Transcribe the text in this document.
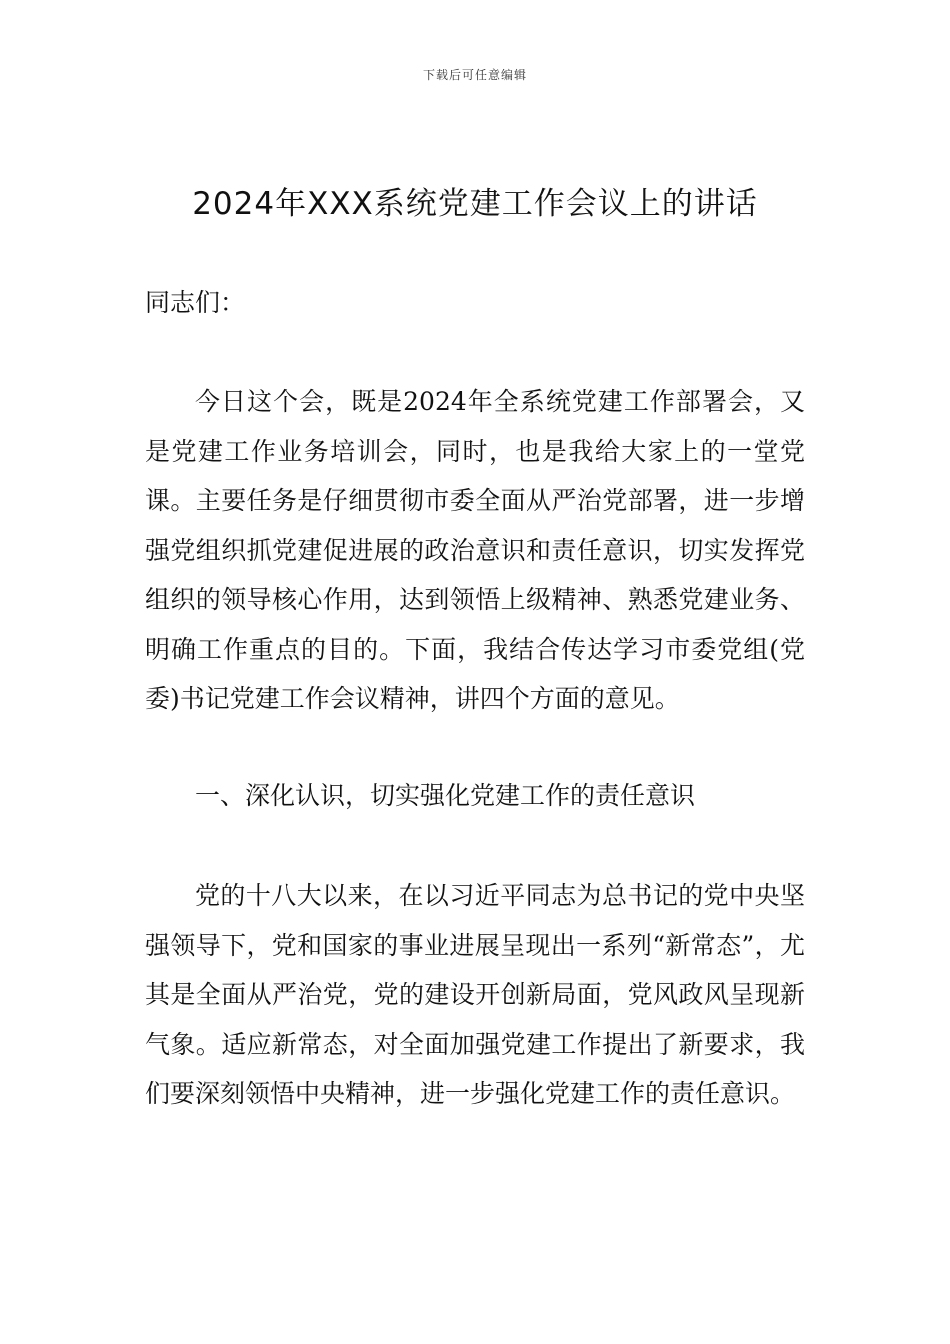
下载后可任意编辑
2024年XXX系统党建工作会议上的讲话
同志们：
今日这个会，既是2024年全系统党建工作部署会，又是党建工作业务培训会，同时，也是我给大家上的一堂党课。主要任务是仔细贯彻市委全面从严治党部署，进一步增强党组织抓党建促进展的政治意识和责任意识，切实发挥党组织的领导核心作用，达到领悟上级精神、熟悉党建业务、明确工作重点的目的。下面，我结合传达学习市委党组(党委)书记党建工作会议精神，讲四个方面的意见。
一、深化认识，切实强化党建工作的责任意识
党的十八大以来，在以习近平同志为总书记的党中央坚强领导下，党和国家的事业进展呈现出一系列“新常态”，尤其是全面从严治党，党的建设开创新局面，党风政风呈现新气象。适应新常态，对全面加强党建工作提出了新要求，我们要深刻领悟中央精神，进一步强化党建工作的责任意识。
